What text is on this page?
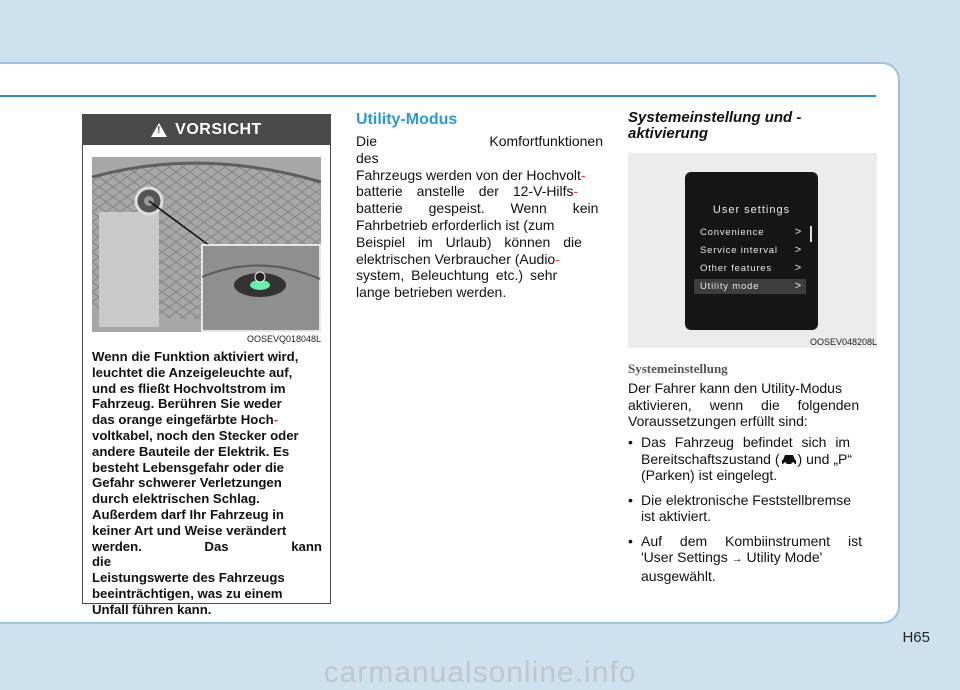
! VORSICHT
OOSEVQ018048L
Wenn die Funktion aktiviert wird,
leuchtet die Anzeigeleuchte auf,
und es fließt Hochvoltstrom im
Fahrzeug. Berühren Sie weder
das orange eingefärbte Hoch-
voltkabel, noch den Stecker oder
andere Bauteile der Elektrik. Es
besteht Lebensgefahr oder die
Gefahr schwerer Verletzungen
durch elektrischen Schlag.
Außerdem darf Ihr Fahrzeug in
keiner Art und Weise verändert
werden. Das kann die
Leistungswerte des Fahrzeugs
beeinträchtigen, was zu einem
Unfall führen kann.
Utility-Modus
Die Komfortfunktionen des
Fahrzeugs werden von der Hochvolt-
batterie anstelle der 12-V-Hilfs-
batterie gespeist. Wenn kein
Fahrbetrieb erforderlich ist (zum
Beispiel im Urlaub) können die
elektrischen Verbraucher (Audio-
system, Beleuchtung etc.) sehr
lange betrieben werden.
Systemeinstellung und -
aktivierung
User settings
Convenience	>
Service interval >
Other features >
Utility mode	>
OOSEV048208L
Systemeinstellung
Der Fahrer kann den Utility-Modus
aktivieren, wenn die folgenden
Voraussetzungen erfüllt sind:
• Das Fahrzeug befindet sich im
Bereitschaftszustand ( ) und „P“
(Parken) ist eingelegt.
• Die elektronische Feststellbremse
ist aktiviert.
• Auf dem Kombiinstrument ist
'User Settings → Utility Mode'
ausgewählt.
H65
carmanualsonline.info
